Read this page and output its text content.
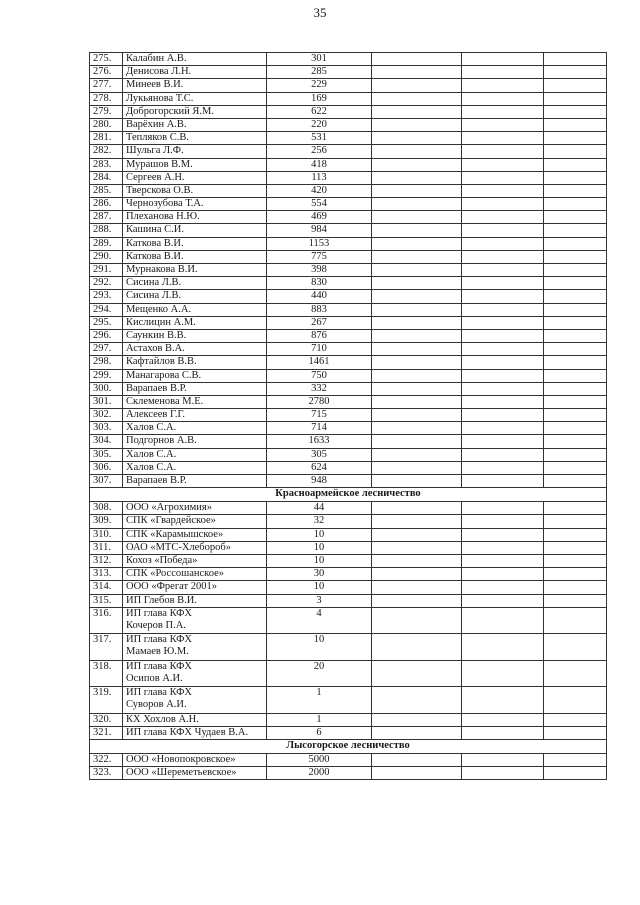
35
275.	Калабин А.В.	301			
276.	Денисова Л.Н.	285			
277.	Минеев В.И.	229			
278.	Лукьянова Т.С.	169			
279.	Доброгорский Я.М.	622			
280.	Варёхин А.В.	220			
281.	Тепляков С.В.	531			
282.	Шульга Л.Ф.	256			
283.	Мурашов В.М.	418			
284.	Сергеев А.Н.	113			
285.	Тверскова О.В.	420			
286.	Чернозубова Т.А.	554			
287.	Плеханова Н.Ю.	469			
288.	Кашина С.И.	984			
289.	Каткова В.И.	1153			
290.	Каткова В.И.	775			
291.	Мурнакова В.И.	398			
292.	Сисина Л.В.	830			
293.	Сисина Л.В.	440			
294.	Мещенко А.А.	883			
295.	Кислицин А.М.	267			
296.	Саункин В.В.	876			
297.	Астахов В.А.	710			
298.	Кафтайлов В.В.	1461			
299.	Манагарова С.В.	750			
300.	Варапаев В.Р.	332			
301.	Склеменова М.Е.	2780			
302.	Алексеев Г.Г.	715			
303.	Халов С.А.	714			
304.	Подгорнов А.В.	1633			
305.	Халов С.А.	305			
306.	Халов С.А.	624			
307.	Варапаев В.Р.	948			
Красноармейское лесничество					
308.	ООО «Агрохимия»	44			
309.	СПК «Гвардейское»	32			
310.	СПК «Карамышское»	10			
311.	ОАО «МТС-Хлебороб»	10			
312.	Кохоз «Победа»	10			
313.	СПК «Россошанское»	30			
314.	ООО «Фрегат 2001»	10			
315.	ИП Глебов В.И.	3			
316.	ИП глава КФХ
Кочеров П.А.	4			
317.	ИП глава КФХ
Мамаев Ю.М.	10			
318.	ИП глава КФХ
Осипов А.И.	20			
319.	ИП глава КФХ
Суворов А.И.	1			
320.	КХ Хохлов А.Н.	1			
321.	ИП глава КФХ Чудаев В.А.	6			
Лысогорское лесничество					
322.	ООО «Новопокровское»	5000			
323.	ООО «Шереметьевское»	2000			
